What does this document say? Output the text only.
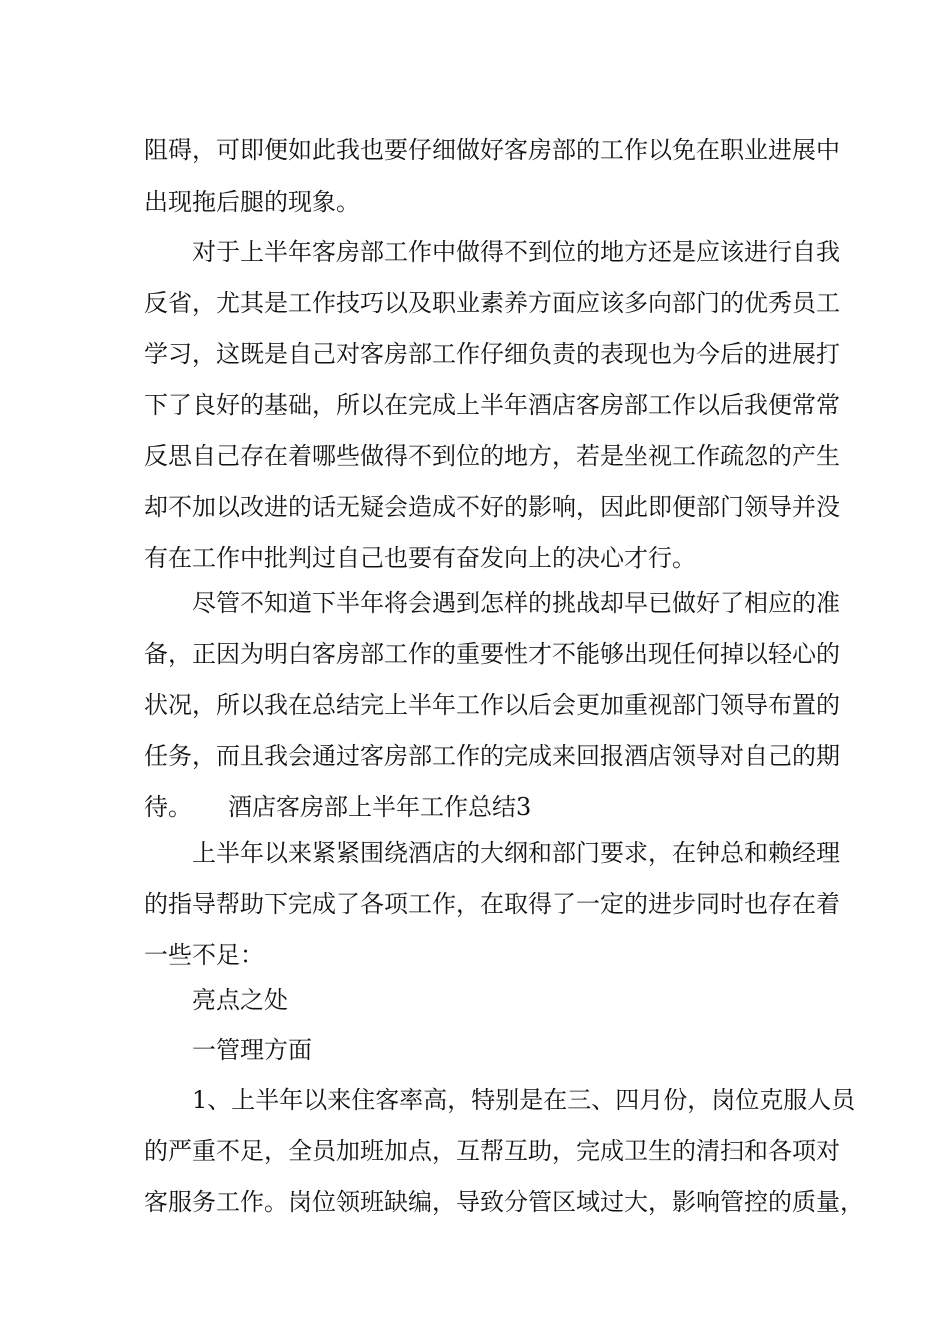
阻碍，可即便如此我也要仔细做好客房部的工作以免在职业进展中
出现拖后腿的现象。
对于上半年客房部工作中做得不到位的地方还是应该进行自我
反省，尤其是工作技巧以及职业素养方面应该多向部门的优秀员工
学习，这既是自己对客房部工作仔细负责的表现也为今后的进展打
下了良好的基础，所以在完成上半年酒店客房部工作以后我便常常
反思自己存在着哪些做得不到位的地方，若是坐视工作疏忽的产生
却不加以改进的话无疑会造成不好的影响，因此即便部门领导并没
有在工作中批判过自己也要有奋发向上的决心才行。
尽管不知道下半年将会遇到怎样的挑战却早已做好了相应的准
备，正因为明白客房部工作的重要性才不能够出现任何掉以轻心的
状况，所以我在总结完上半年工作以后会更加重视部门领导布置的
任务，而且我会通过客房部工作的完成来回报酒店领导对自己的期
待。　　酒店客房部上半年工作总结3
上半年以来紧紧围绕酒店的大纲和部门要求，在钟总和赖经理
的指导帮助下完成了各项工作，在取得了一定的进步同时也存在着
一些不足：
亮点之处
一管理方面
1、上半年以来住客率高，特别是在三、四月份，岗位克服人员
的严重不足，全员加班加点，互帮互助，完成卫生的清扫和各项对
客服务工作。岗位领班缺编，导致分管区域过大，影响管控的质量，
